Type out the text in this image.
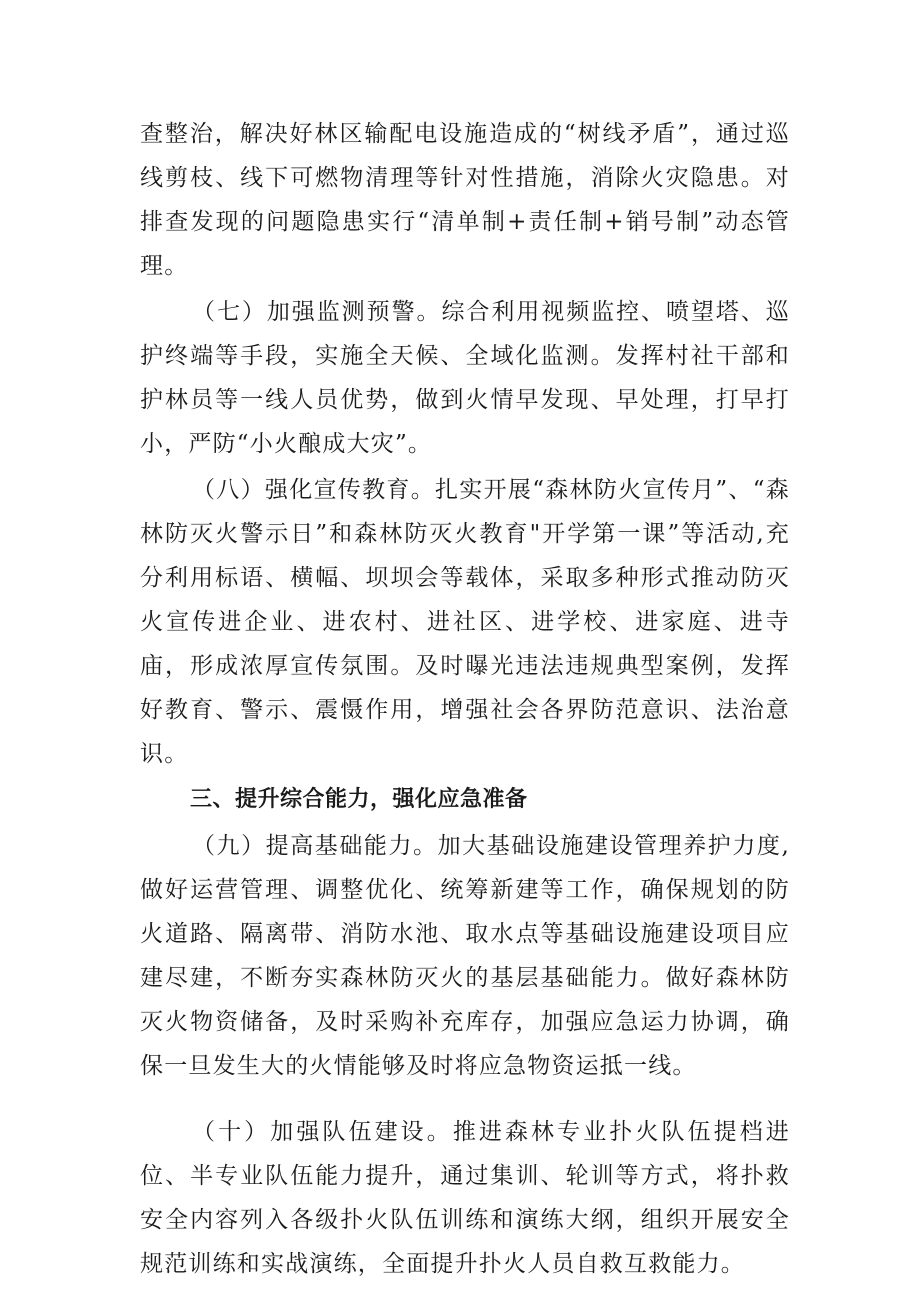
查整治，解决好林区输配电设施造成的“树线矛盾”，通过巡线剪枝、线下可燃物清理等针对性措施，消除火灾隐患。对排查发现的问题隐患实行“清单制+责任制+销号制”动态管理。

（七）加强监测预警。综合利用视频监控、喷望塔、巡护终端等手段，实施全天候、全域化监测。发挥村社干部和护林员等一线人员优势，做到火情早发现、早处理，打早打小，严防“小火酿成大灾”。

（八）强化宣传教育。扎实开展“森林防火宣传月”、“森林防灭火警示日”和森林防灭火教育"开学第一课”等活动,充分利用标语、横幅、坝坝会等载体，采取多种形式推动防灭火宣传进企业、进农村、进社区、进学校、进家庭、进寺庙，形成浓厚宣传氛围。及时曝光违法违规典型案例，发挥好教育、警示、震慑作用，增强社会各界防范意识、法治意识。

三、提升综合能力，强化应急准备

（九）提高基础能力。加大基础设施建设管理养护力度,做好运营管理、调整优化、统筹新建等工作，确保规划的防火道路、隔离带、消防水池、取水点等基础设施建设项目应建尽建，不断夯实森林防灭火的基层基础能力。做好森林防灭火物资储备，及时采购补充库存，加强应急运力协调，确保一旦发生大的火情能够及时将应急物资运抵一线。

（十）加强队伍建设。推进森林专业扑火队伍提档进位、半专业队伍能力提升，通过集训、轮训等方式，将扑救安全内容列入各级扑火队伍训练和演练大纲，组织开展安全规范训练和实战演练，全面提升扑火人员自救互救能力。
